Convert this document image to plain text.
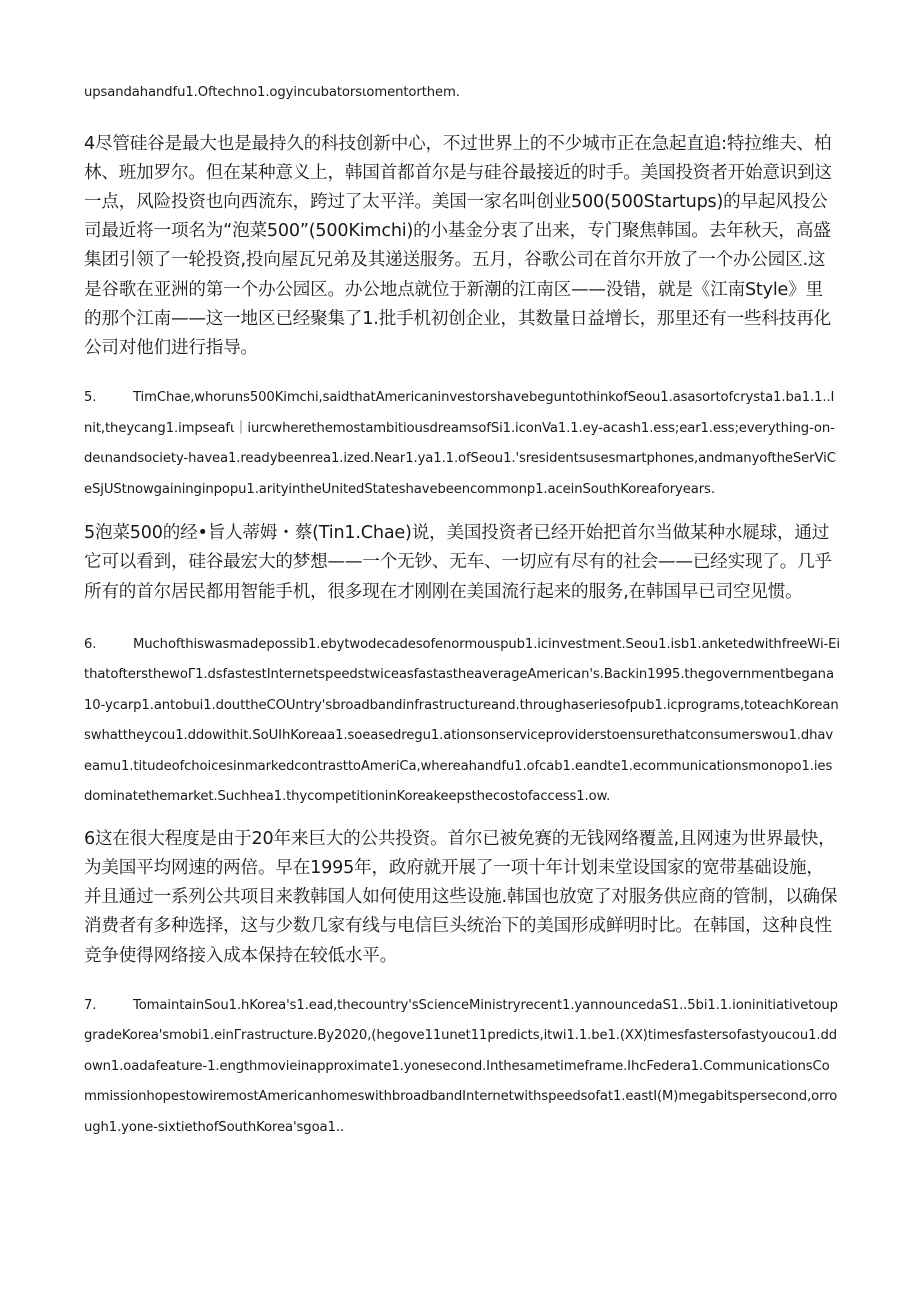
upsandahandfu1.Oftechno1.ogyincubatorsιomentorthem.

4尽管硅谷是最大也是最持久的科技创新中心，不过世界上的不少城市正在急起直追:特拉维夫、柏林、班加罗尔。但在某种意义上，韩国首都首尔是与硅谷最接近的时手。美国投资者开始意识到这一点，风险投资也向西流东，跨过了太平洋。美国一家名叫创业500(500Startups)的早起风投公司最近将一项名为“泡菜500”(500Kimchi)的小基金分衷了出来，专门聚焦韩国。去年秋天，高盛集团引领了一轮投资,投向屋瓦兄弟及其递送服务。五月，谷歌公司在首尔开放了一个办公园区.这是谷歌在亚洲的第一个办公园区。办公地点就位于新潮的江南区——没错，就是《江南Style》里的那个江南——这一地区已经聚集了1.批手机初创企业，其数量日益增长，那里还有一些科技再化公司对他们进行指导。

5.	TimChae,whoruns500Kimchi,saidthatAmericaninvestorshavebeguntothinkofSeou1.asasortofcrysta1.ba1.1..Init,theycang1.impseafι｜iurcwherethemostambitiousdreamsofSi1.iconVa1.1.ey-acash1.ess;ear1.ess;everything-on-deιnandsociety-havea1.readybeenrea1.ized.Near1.ya1.1.ofSeou1.'sresidentsusesmartphones,andmanyoftheSerViCeSjUStnowgaininginpopu1.arityintheUnitedStateshavebeencommonp1.aceinSouthKoreaforyears.

5泡菜500的经•旨人蒂姆・蔡(Tin1.Chae)说，美国投资者已经开始把首尔当做某种水屣球，通过它可以看到，硅谷最宏大的梦想——一个无钞、无车、一切应有尽有的社会——已经实现了。几乎所有的首尔居民都用智能手机，很多现在才刚刚在美国流行起来的服务,在韩国早已司空见惯。

6.	Muchofthiswasmadepossib1.ebytwodecadesofenormouspub1.icinvestment.Seou1.isb1.anketedwithfreeWi-EithatoftersthewoΓ1.dsfastestInternetspeedstwiceasfastastheaverageAmerican's.Backin1995.thegovernmentbegana10-ycarp1.antobui1.douttheCOUntry'sbroadbandinfrastructureand.throughaseriesofpub1.icprograms,toteachKoreanswhattheycou1.ddowithit.SoUIhKoreaa1.soeasedregu1.ationsonserviceproviderstoensurethatconsumerswou1.dhaveamu1.titudeofchoicesinmarkedcontrasttoAmeriCa,whereahandfu1.ofcab1.eandte1.ecommunicationsmonopo1.iesdominatethemarket.Suchhea1.thycompetitioninKoreakeepsthecostofaccess1.ow.

6这在很大程度是由于20年来巨大的公共投资。首尔已被免赛的无钱网络覆盖,且网速为世界最快，为美国平均网速的两倍。早在1995年，政府就开展了一项十年计划耒堂设国家的宽带基础设施，并且通过一系列公共项目来教韩国人如何使用这些设施.韩国也放宽了对服务供应商的管制，以确保消费者有多种选择，这与少数几家有线与电信巨头统治下的美国形成鲜明时比。在韩国，这种良性竞争使得网络接入成本保持在较低水平。

7.	TomaintainSou1.hKorea's1.ead,thecountry'sScienceMinistryrecent1.yannouncedaS1..5bi1.1.ioninitiativetoupgradeKorea'smobi1.einΓrastructure.By2020,(hegove11unet11predicts,itwi1.1.be1.(XX)timesfastersofastyoucou1.ddown1.oadafeature-1.engthmovieinapproximate1.yonesecond.Inthesametimeframe.IhcFedera1.CommunicationsCommissionhopestowiremostAmericanhomeswithbroadbandInternetwithspeedsofat1.eastI(M)megabitspersecond,orrough1.yone-sixtiethofSouthKorea'sgoa1..
